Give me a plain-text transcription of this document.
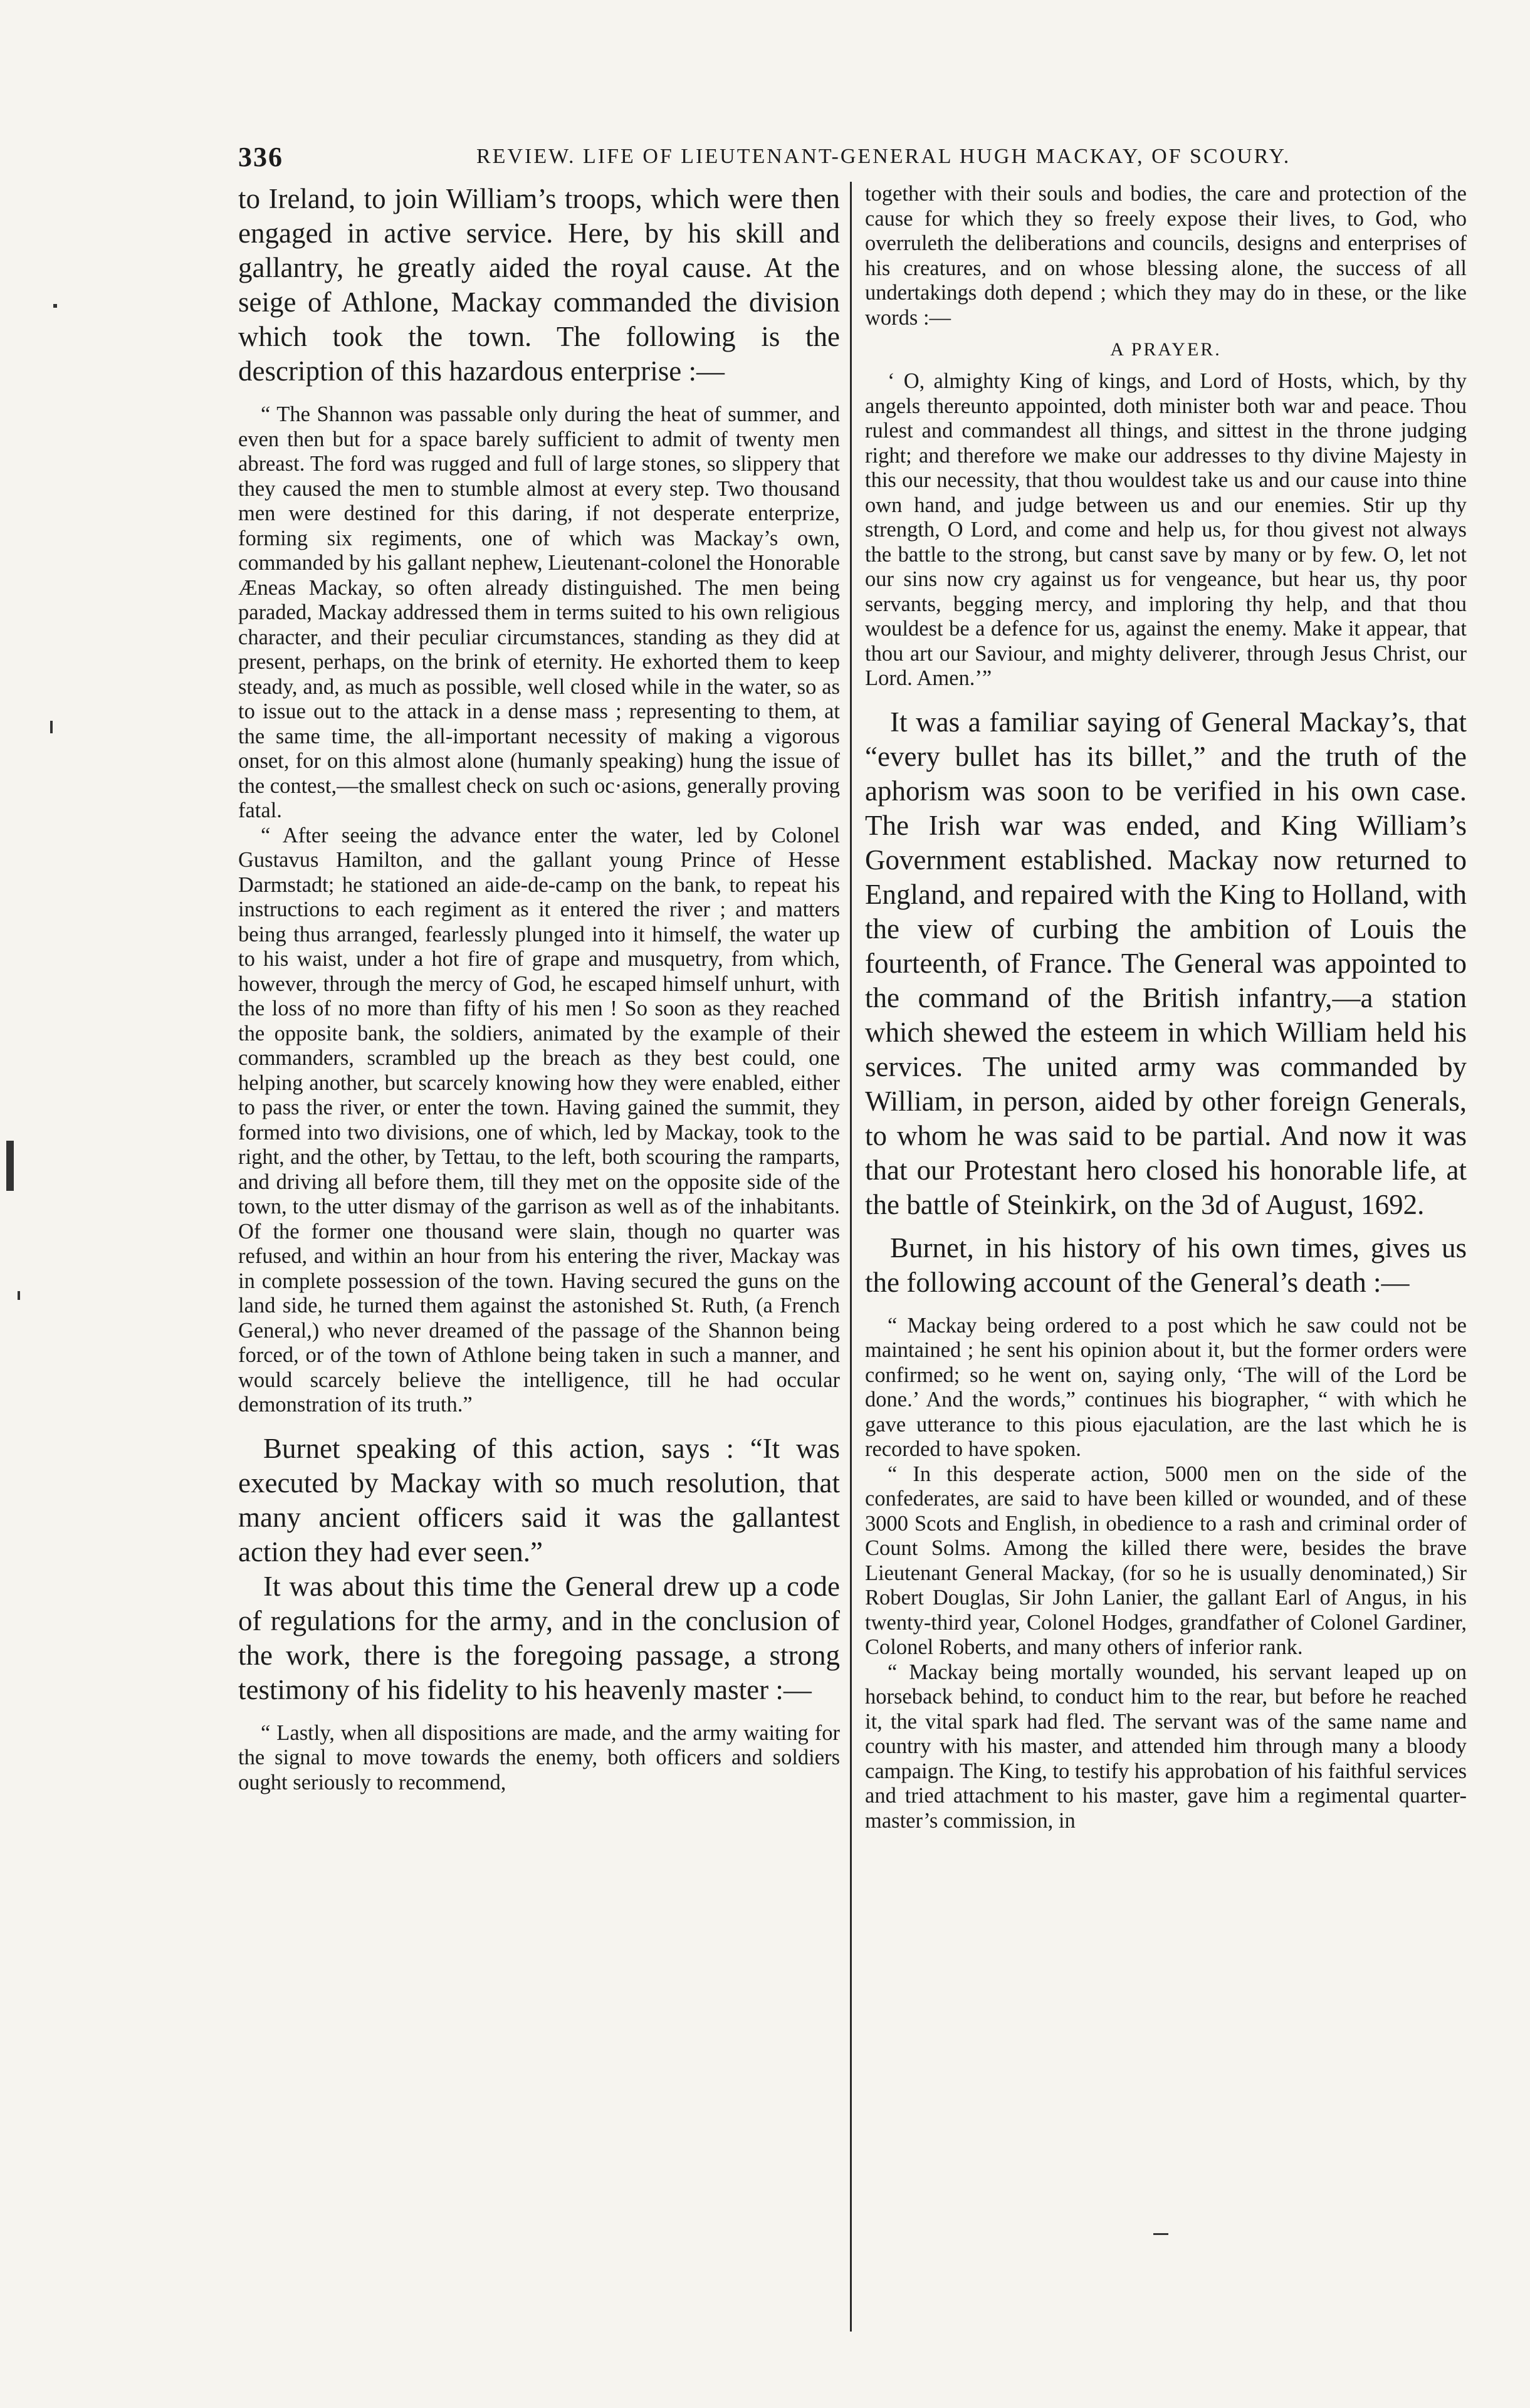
336	REVIEW. LIFE OF LIEUTENANT-GENERAL HUGH MACKAY, OF SCOURY.

to Ireland, to join William’s troops, which were then engaged in active service. Here, by his skill and gallantry, he greatly aided the royal cause. At the seige of Athlone, Mackay commanded the division which took the town. The following is the description of this hazardous enterprise :—

“ The Shannon was passable only during the heat of summer, and even then but for a space barely sufficient to admit of twenty men abreast. The ford was rugged and full of large stones, so slippery that they caused the men to stumble almost at every step. Two thousand men were destined for this daring, if not desperate enterprize, forming six regiments, one of which was Mackay’s own, commanded by his gallant nephew, Lieutenant-colonel the Honorable Æneas Mackay, so often already distinguished. The men being paraded, Mackay addressed them in terms suited to his own religious character, and their peculiar circumstances, standing as they did at present, perhaps, on the brink of eternity. He exhorted them to keep steady, and, as much as possible, well closed while in the water, so as to issue out to the attack in a dense mass ; representing to them, at the same time, the all-important necessity of making a vigorous onset, for on this almost alone (humanly speaking) hung the issue of the contest,—the smallest check on such oc·asions, generally proving fatal.

“ After seeing the advance enter the water, led by Colonel Gustavus Hamilton, and the gallant young Prince of Hesse Darmstadt; he stationed an aide-de-camp on the bank, to repeat his instructions to each regiment as it entered the river ; and matters being thus arranged, fearlessly plunged into it himself, the water up to his waist, under a hot fire of grape and musquetry, from which, however, through the mercy of God, he escaped himself unhurt, with the loss of no more than fifty of his men ! So soon as they reached the opposite bank, the soldiers, animated by the example of their commanders, scrambled up the breach as they best could, one helping another, but scarcely knowing how they were enabled, either to pass the river, or enter the town. Having gained the summit, they formed into two divisions, one of which, led by Mackay, took to the right, and the other, by Tettau, to the left, both scouring the ramparts, and driving all before them, till they met on the opposite side of the town, to the utter dismay of the garrison as well as of the inhabitants. Of the former one thousand were slain, though no quarter was refused, and within an hour from his entering the river, Mackay was in complete possession of the town. Having secured the guns on the land side, he turned them against the astonished St. Ruth, (a French General,) who never dreamed of the passage of the Shannon being forced, or of the town of Athlone being taken in such a manner, and would scarcely believe the intelligence, till he had occular demonstration of its truth.”

Burnet speaking of this action, says : “It was executed by Mackay with so much resolution, that many ancient officers said it was the gallantest action they had ever seen.”

It was about this time the General drew up a code of regulations for the army, and in the conclusion of the work, there is the foregoing passage, a strong testimony of his fidelity to his heavenly master :—

“ Lastly, when all dispositions are made, and the army waiting for the signal to move towards the enemy, both officers and soldiers ought seriously to recommend,

together with their souls and bodies, the care and protection of the cause for which they so freely expose their lives, to God, who overruleth the deliberations and councils, designs and enterprises of his creatures, and on whose blessing alone, the success of all undertakings doth depend ; which they may do in these, or the like words :—

A PRAYER.

‘ O, almighty King of kings, and Lord of Hosts, which, by thy angels thereunto appointed, doth minister both war and peace. Thou rulest and commandest all things, and sittest in the throne judging right; and therefore we make our addresses to thy divine Majesty in this our necessity, that thou wouldest take us and our cause into thine own hand, and judge between us and our enemies. Stir up thy strength, O Lord, and come and help us, for thou givest not always the battle to the strong, but canst save by many or by few. O, let not our sins now cry against us for vengeance, but hear us, thy poor servants, begging mercy, and imploring thy help, and that thou wouldest be a defence for us, against the enemy. Make it appear, that thou art our Saviour, and mighty deliverer, through Jesus Christ, our Lord. Amen.’”

It was a familiar saying of General Mackay’s, that “every bullet has its billet,” and the truth of the aphorism was soon to be verified in his own case. The Irish war was ended, and King William’s Government established. Mackay now returned to England, and repaired with the King to Holland, with the view of curbing the ambition of Louis the fourteenth, of France. The General was appointed to the command of the British infantry,—a station which shewed the esteem in which William held his services. The united army was commanded by William, in person, aided by other foreign Generals, to whom he was said to be partial. And now it was that our Protestant hero closed his honorable life, at the battle of Steinkirk, on the 3d of August, 1692.

Burnet, in his history of his own times, gives us the following account of the General’s death :—

“ Mackay being ordered to a post which he saw could not be maintained ; he sent his opinion about it, but the former orders were confirmed; so he went on, saying only, ‘The will of the Lord be done.’ And the words,” continues his biographer, “ with which he gave utterance to this pious ejaculation, are the last which he is recorded to have spoken.

“ In this desperate action, 5000 men on the side of the confederates, are said to have been killed or wounded, and of these 3000 Scots and English, in obedience to a rash and criminal order of Count Solms. Among the killed there were, besides the brave Lieutenant General Mackay, (for so he is usually denominated,) Sir Robert Douglas, Sir John Lanier, the gallant Earl of Angus, in his twenty-third year, Colonel Hodges, grandfather of Colonel Gardiner, Colonel Roberts, and many others of inferior rank.

“ Mackay being mortally wounded, his servant leaped up on horseback behind, to conduct him to the rear, but before he reached it, the vital spark had fled. The servant was of the same name and country with his master, and attended him through many a bloody campaign. The King, to testify his approbation of his faithful services and tried attachment to his master, gave him a regimental quarter-master’s commission, in
